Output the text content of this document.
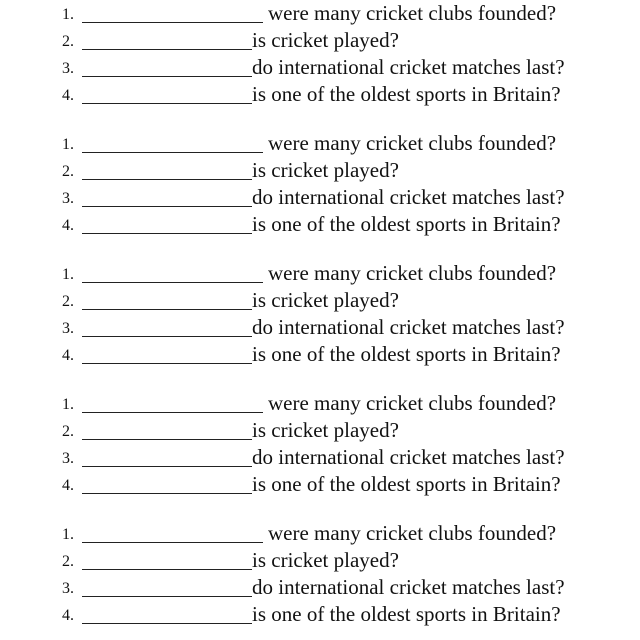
1.	were many cricket clubs founded?
2.	is cricket played?
3.	do international cricket matches last?
4.	is one of the oldest sports in Britain?
1.	were many cricket clubs founded?
2.	is cricket played?
3.	do international cricket matches last?
4.	is one of the oldest sports in Britain?
1.	were many cricket clubs founded?
2.	is cricket played?
3.	do international cricket matches last?
4.	is one of the oldest sports in Britain?
1.	were many cricket clubs founded?
2.	is cricket played?
3.	do international cricket matches last?
4.	is one of the oldest sports in Britain?
1.	were many cricket clubs founded?
2.	is cricket played?
3.	do international cricket matches last?
4.	is one of the oldest sports in Britain?
